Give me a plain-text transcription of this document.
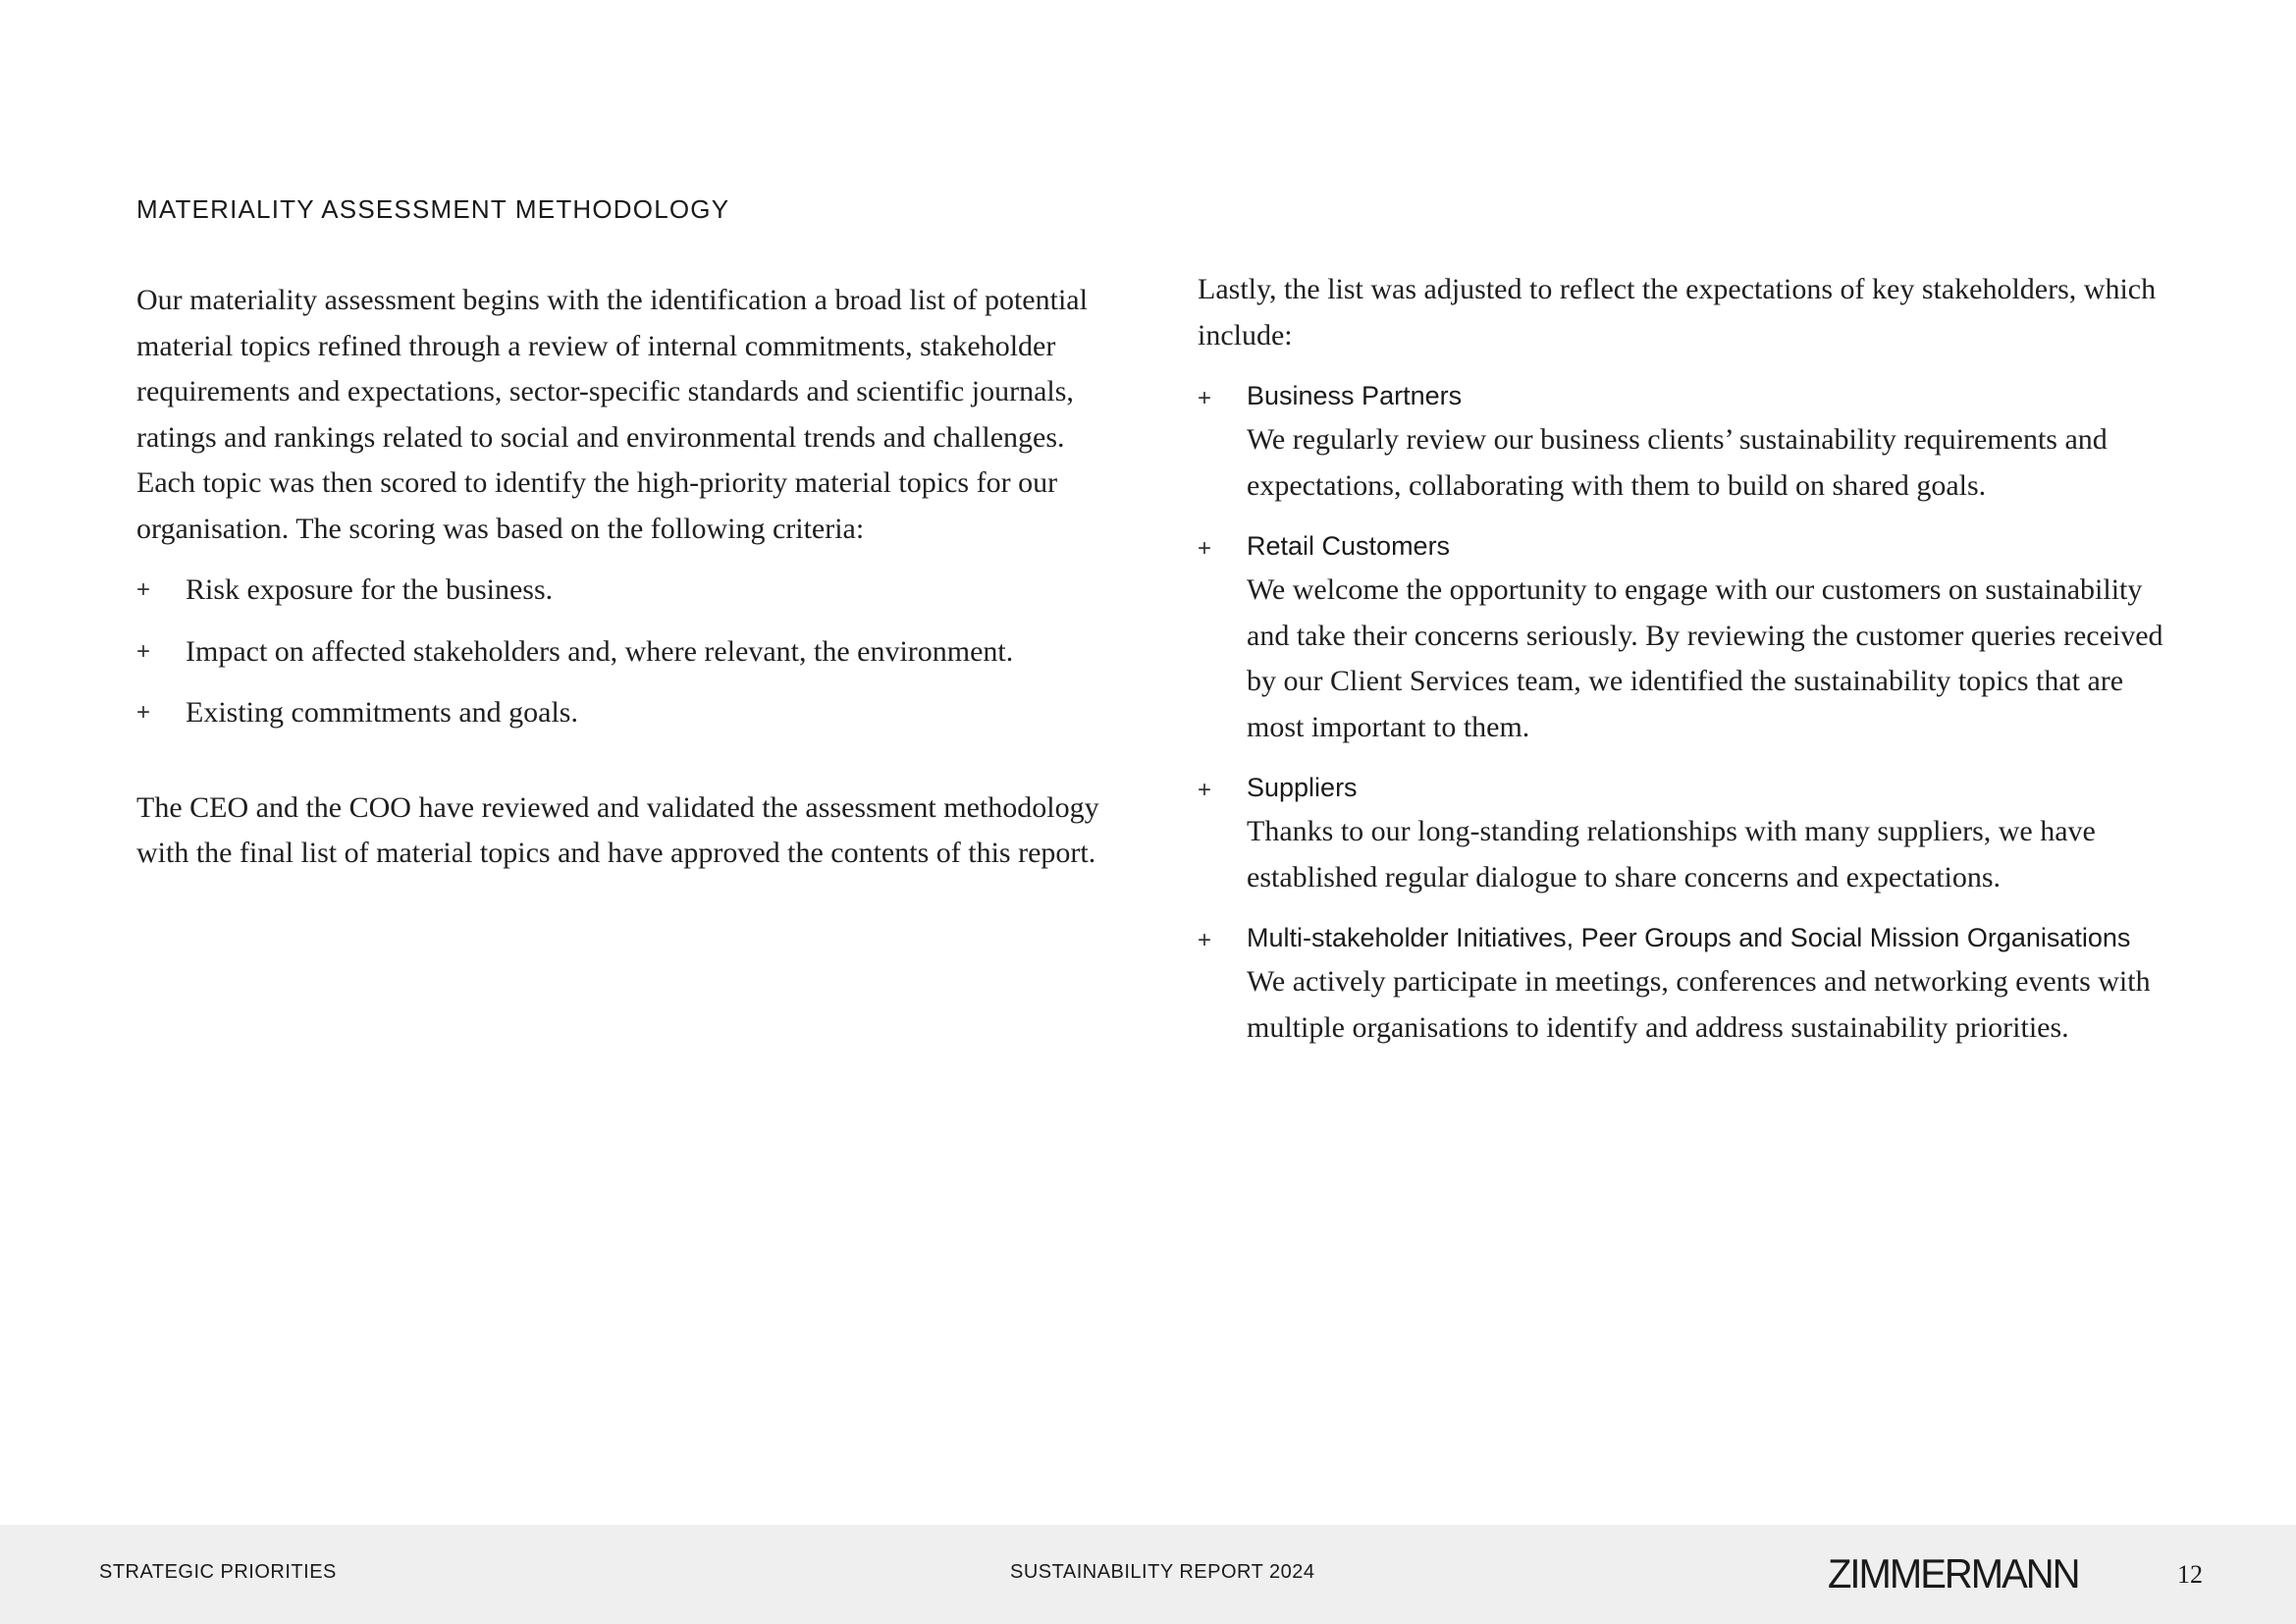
MATERIALITY ASSESSMENT METHODOLOGY

Our materiality assessment begins with the identification a broad list of potential material topics refined through a review of internal commitments, stakeholder requirements and expectations, sector-specific standards and scientific journals, ratings and rankings related to social and environmental trends and challenges. Each topic was then scored to identify the high-priority material topics for our organisation. The scoring was based on the following criteria:

+ Risk exposure for the business.
+ Impact on affected stakeholders and, where relevant, the environment.
+ Existing commitments and goals.

The CEO and the COO have reviewed and validated the assessment methodology with the final list of material topics and have approved the contents of this report.

Lastly, the list was adjusted to reflect the expectations of key stakeholders, which include:

+ Business Partners
We regularly review our business clients’ sustainability requirements and expectations, collaborating with them to build on shared goals.
+ Retail Customers
We welcome the opportunity to engage with our customers on sustainability and take their concerns seriously. By reviewing the customer queries received by our Client Services team, we identified the sustainability topics that are most important to them.
+ Suppliers
Thanks to our long-standing relationships with many suppliers, we have established regular dialogue to share concerns and expectations.
+ Multi-stakeholder Initiatives, Peer Groups and Social Mission Organisations
We actively participate in meetings, conferences and networking events with multiple organisations to identify and address sustainability priorities.
STRATEGIC PRIORITIES	SUSTAINABILITY REPORT 2024	ZIMMERMANN	12
